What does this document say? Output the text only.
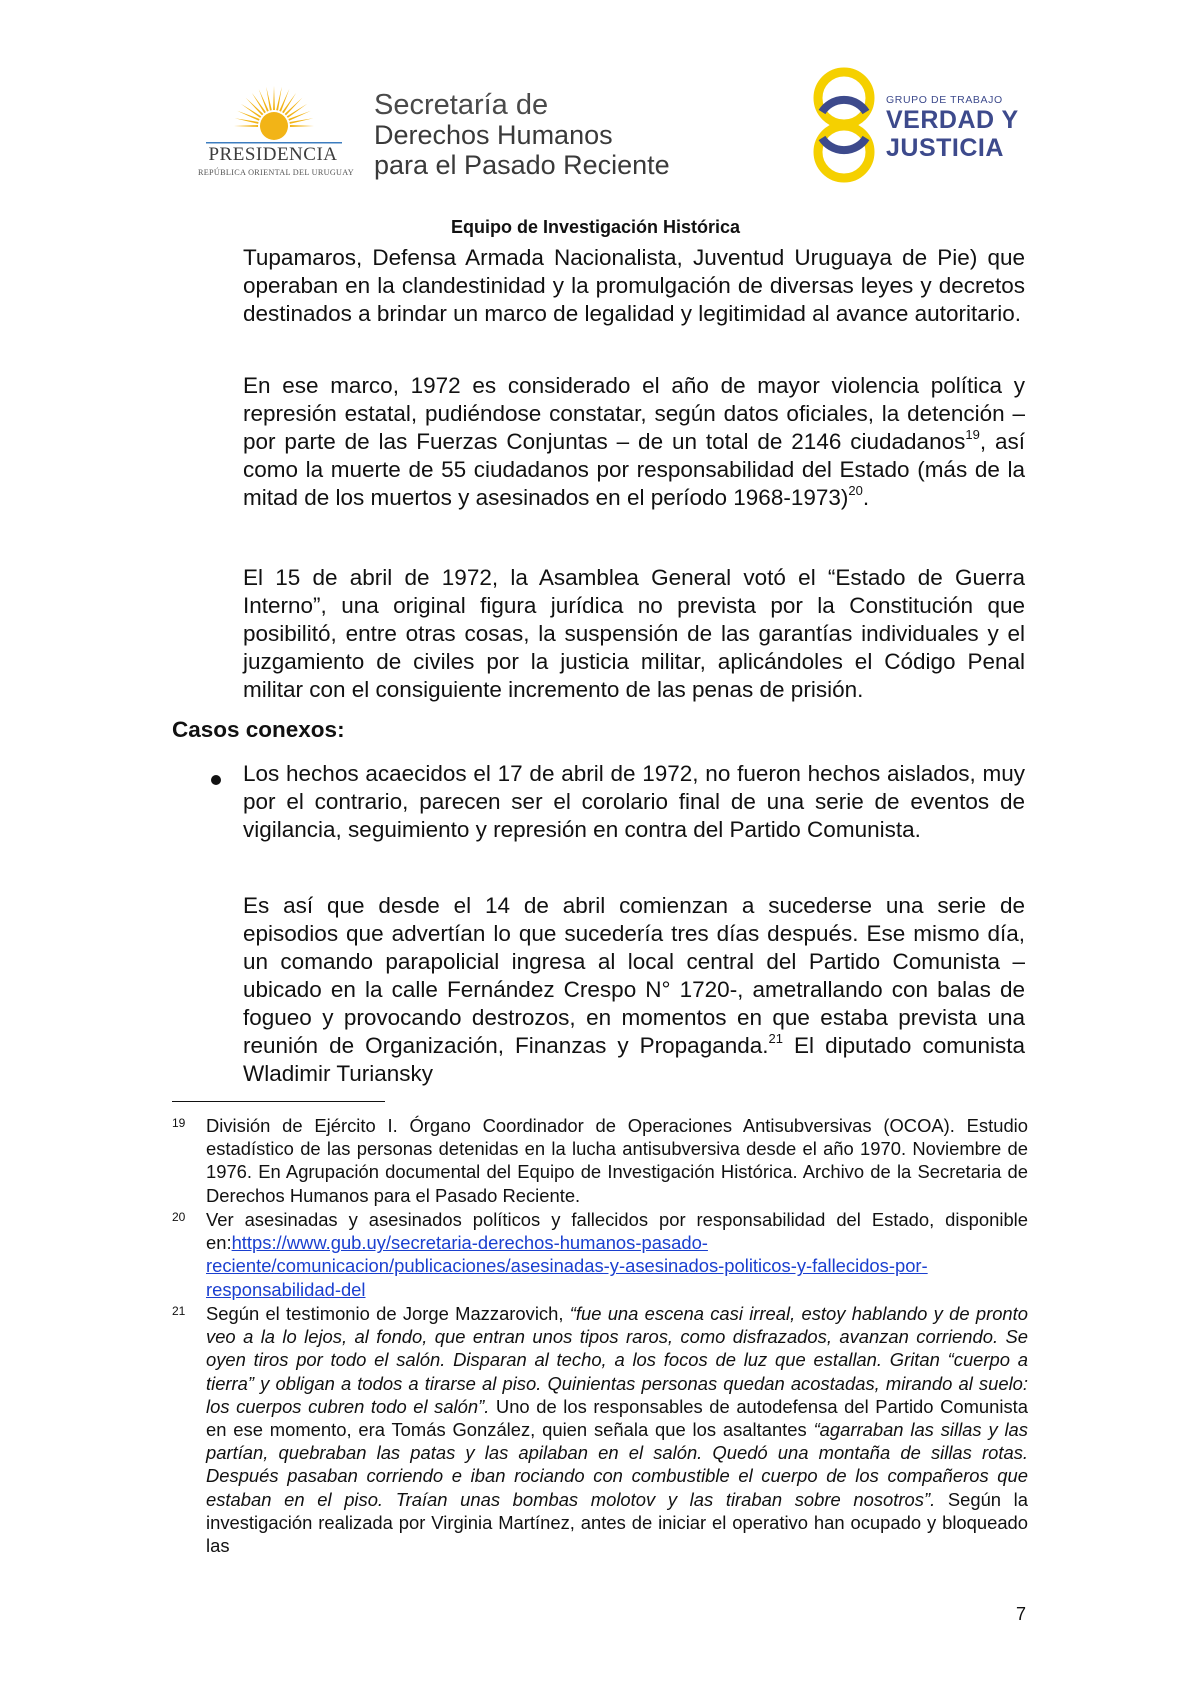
PRESIDENCIA
REPÚBLICA ORIENTAL DEL URUGUAY
Secretaría de
Derechos Humanos
para el Pasado Reciente
GRUPO DE TRABAJO
VERDAD Y
JUSTICIA
Equipo de Investigación Histórica

Tupamaros, Defensa Armada Nacionalista, Juventud Uruguaya de Pie) que operaban en la clandestinidad y la promulgación de diversas leyes y decretos destinados a brindar un marco de legalidad y legitimidad al avance autoritario.

En ese marco, 1972 es considerado el año de mayor violencia política y represión estatal, pudiéndose constatar, según datos oficiales, la detención – por parte de las Fuerzas Conjuntas – de un total de 2146 ciudadanos$^{19}$, así como la muerte de 55 ciudadanos por responsabilidad del Estado (más de la mitad de los muertos y asesinados en el período 1968-1973)$^{20}$.

El 15 de abril de 1972, la Asamblea General votó el “Estado de Guerra Interno”, una original figura jurídica no prevista por la Constitución que posibilitó, entre otras cosas, la suspensión de las garantías individuales y el juzgamiento de civiles por la justicia militar, aplicándoles el Código Penal militar con el consiguiente incremento de las penas de prisión.

Casos conexos:

Los hechos acaecidos el 17 de abril de 1972, no fueron hechos aislados, muy por el contrario, parecen ser el corolario final de una serie de eventos de vigilancia, seguimiento y represión en contra del Partido Comunista.

Es así que desde el 14 de abril comienzan a sucederse una serie de episodios que advertían lo que sucedería tres días después. Ese mismo día, un comando parapolicial ingresa al local central del Partido Comunista –ubicado en la calle Fernández Crespo N° 1720-, ametrallando con balas de fogueo y provocando destrozos, en momentos en que estaba prevista una reunión de Organización, Finanzas y Propaganda.$^{21}$ El diputado comunista Wladimir Turiansky

19 División de Ejército I. Órgano Coordinador de Operaciones Antisubversivas (OCOA). Estudio estadístico de las personas detenidas en la lucha antisubversiva desde el año 1970. Noviembre de 1976. En Agrupación documental del Equipo de Investigación Histórica. Archivo de la Secretaria de Derechos Humanos para el Pasado Reciente.
20 Ver asesinadas y asesinados políticos y fallecidos por responsabilidad del Estado, disponible en:https://www.gub.uy/secretaria-derechos-humanos-pasado-reciente/comunicacion/publicaciones/asesinadas-y-asesinados-politicos-y-fallecidos-por-responsabilidad-del
21 Según el testimonio de Jorge Mazzarovich, “fue una escena casi irreal, estoy hablando y de pronto veo a la lo lejos, al fondo, que entran unos tipos raros, como disfrazados, avanzan corriendo. Se oyen tiros por todo el salón. Disparan al techo, a los focos de luz que estallan. Gritan “cuerpo a tierra” y obligan a todos a tirarse al piso. Quinientas personas quedan acostadas, mirando al suelo: los cuerpos cubren todo el salón”. Uno de los responsables de autodefensa del Partido Comunista en ese momento, era Tomás González, quien señala que los asaltantes “agarraban las sillas y las partían, quebraban las patas y las apilaban en el salón. Quedó una montaña de sillas rotas. Después pasaban corriendo e iban rociando con combustible el cuerpo de los compañeros que estaban en el piso. Traían unas bombas molotov y las tiraban sobre nosotros”. Según la investigación realizada por Virginia Martínez, antes de iniciar el operativo han ocupado y bloqueado las
7
